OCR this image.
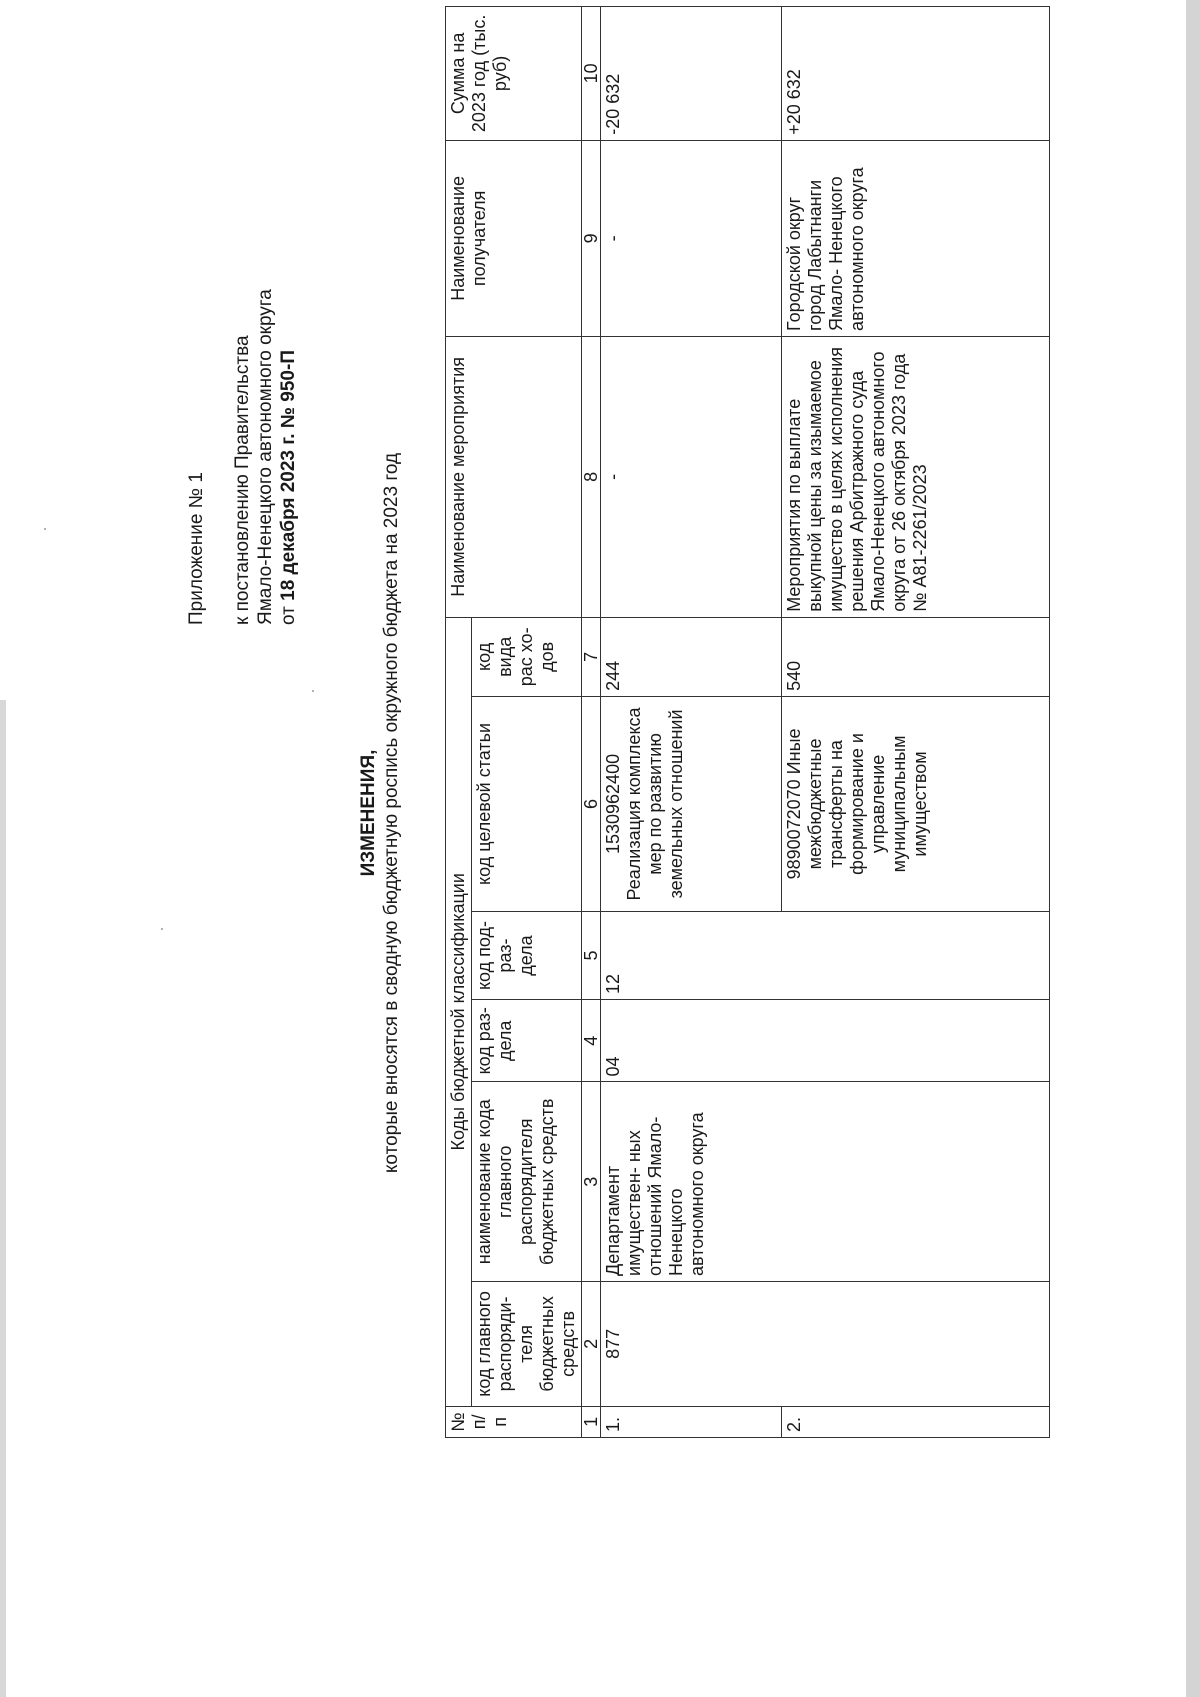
Приложение № 1 к постановлению Правительства Ямало-Ненецкого автономного округа от 18 декабря 2023 г. № 950-П
ИЗМЕНЕНИЯ, которые вносятся в сводную бюджетную роспись окружного бюджета на 2023 год
№ п/п	Коды бюджетной классификации						Наименование мероприятия	Наименование получателя	Сумма на 2023 год (тыс. руб)
	код главного распоряди- теля бюджетных средств	наименование кода главного распорядителя бюджетных средств	код раз- дела	код под- раз- дела	код целевой статьи	код вида рас хо- дов			
1	2	3	4	5	6	7	8	9	10
1.	877	Департамент имуществен- ных отношений Ямало- Ненецкого автономного округа	04	12	1530962400 Реализация комплекса мер по развитию земельных отношений	244	-	-	-20 632
2.					9890072070 Иные межбюджетные трансферты на формирование и управление муниципальным имуществом	540	Мероприятия по выплате выкупной цены за изымаемое имущество в целях исполнения решения Арбитражного суда Ямало-Ненецкого автономного округа от 26 октября 2023 года № А81-2261/2023	Городской округ город Лабытнанги Ямало- Ненецкого автономного округа	+20 632
